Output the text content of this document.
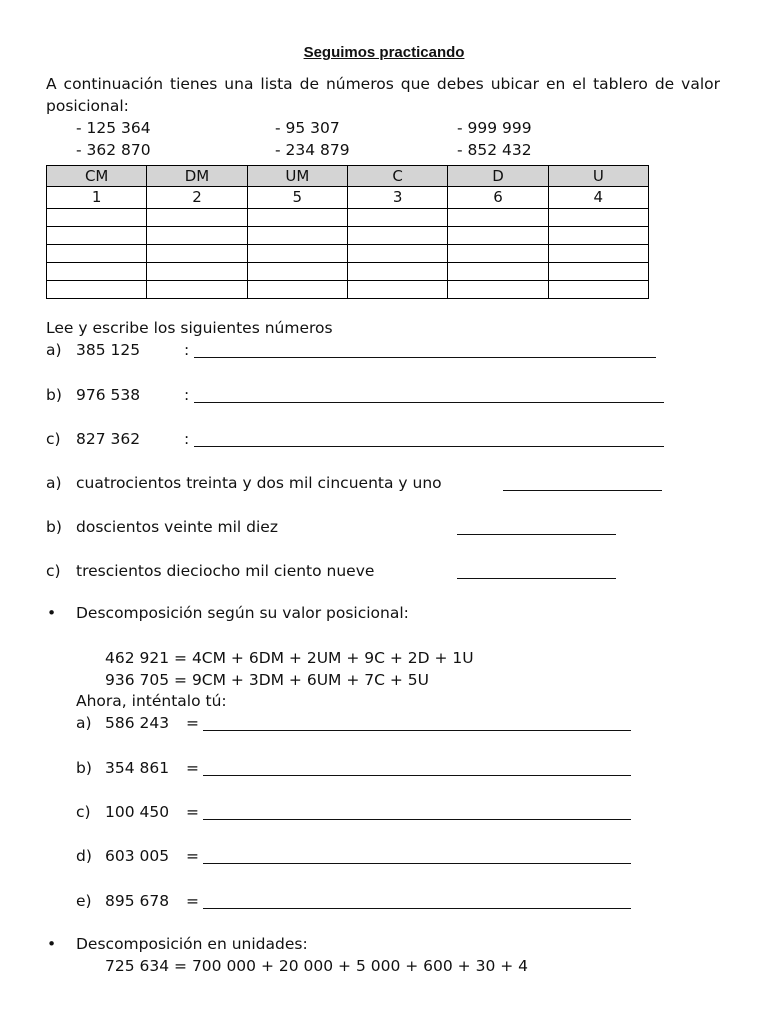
Seguimos practicando
A continuación tienes una lista de números que debes ubicar en el tablero de valor posicional:
- 125 364	- 95 307	- 999 999
- 362 870	- 234 879	- 852 432
CM	DM	UM	C	D	U
1	2	5	3	6	4

Lee y escribe los siguientes números
a) 385 125	:
b) 976 538	:
c) 827 362	:
a) cuatrocientos treinta y dos mil cincuenta y uno
b) doscientos veinte mil diez
c) trescientos dieciocho mil ciento nueve
• Descomposición según su valor posicional:
462 921 = 4CM + 6DM + 2UM + 9C + 2D + 1U
936 705 = 9CM + 3DM + 6UM + 7C + 5U
Ahora, inténtalo tú:
a) 586 243 =
b) 354 861 =
c) 100 450 =
d) 603 005 =
e) 895 678 =
• Descomposición en unidades:
725 634 = 700 000 + 20 000 + 5 000 + 600 + 30 + 4
